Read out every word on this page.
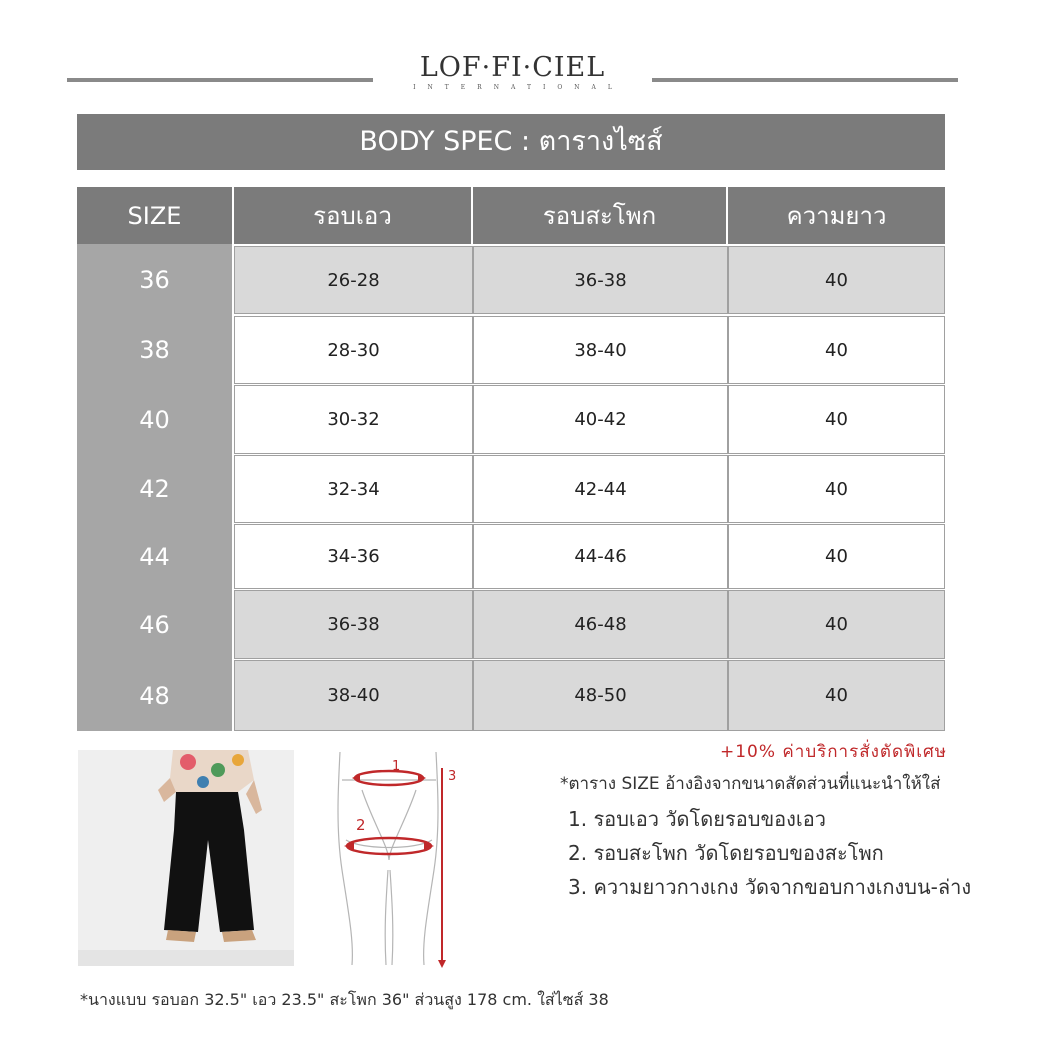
LOF·FI·CIEL
INTERNATIONAL
BODY SPEC : ตารางไซส์
SIZE	รอบเอว	รอบสะโพก	ความยาว
36	26-28	36-38	40
38	28-30	38-40	40
40	30-32	40-42	40
42	32-34	42-44	40
44	34-36	44-46	40
46	36-38	46-48	40
48	38-40	48-50	40
1
2
3
+10% ค่าบริการสั่งตัดพิเศษ
*ตาราง SIZE อ้างอิงจากขนาดสัดส่วนที่แนะนำให้ใส่
1. รอบเอว วัดโดยรอบของเอว
2. รอบสะโพก วัดโดยรอบของสะโพก
3. ความยาวกางเกง วัดจากขอบกางเกงบน-ล่าง
*นางแบบ รอบอก 32.5" เอว 23.5" สะโพก 36" ส่วนสูง 178 cm. ใส่ไซส์ 38
